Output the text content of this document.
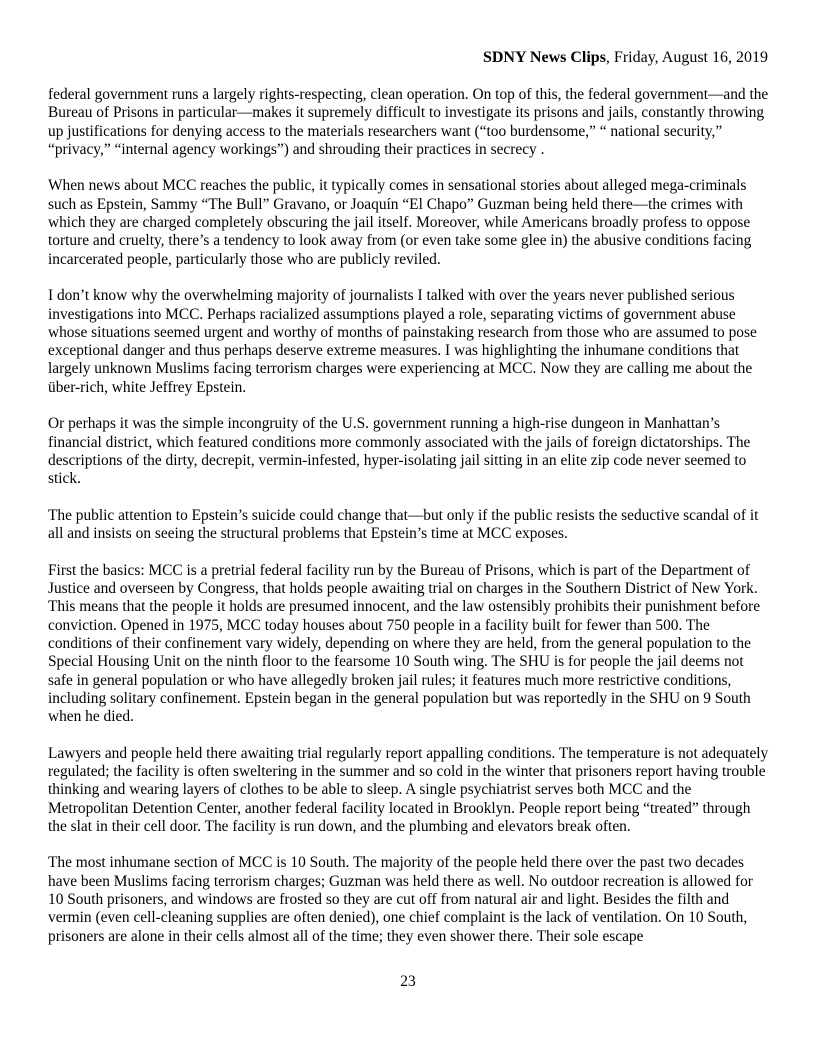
SDNY News Clips, Friday, August 16, 2019

federal government runs a largely rights-respecting, clean operation. On top of this, the federal government—and the Bureau of Prisons in particular—makes it supremely difficult to investigate its prisons and jails, constantly throwing up justifications for denying access to the materials researchers want (“too burdensome,” “ national security,” “privacy,” “internal agency workings”) and shrouding their practices in secrecy .

When news about MCC reaches the public, it typically comes in sensational stories about alleged mega-criminals such as Epstein, Sammy “The Bull” Gravano, or Joaquín “El Chapo” Guzman being held there—the crimes with which they are charged completely obscuring the jail itself. Moreover, while Americans broadly profess to oppose torture and cruelty, there’s a tendency to look away from (or even take some glee in) the abusive conditions facing incarcerated people, particularly those who are publicly reviled.

I don’t know why the overwhelming majority of journalists I talked with over the years never published serious investigations into MCC. Perhaps racialized assumptions played a role, separating victims of government abuse whose situations seemed urgent and worthy of months of painstaking research from those who are assumed to pose exceptional danger and thus perhaps deserve extreme measures. I was highlighting the inhumane conditions that largely unknown Muslims facing terrorism charges were experiencing at MCC. Now they are calling me about the über-rich, white Jeffrey Epstein.

Or perhaps it was the simple incongruity of the U.S. government running a high-rise dungeon in Manhattan’s financial district, which featured conditions more commonly associated with the jails of foreign dictatorships. The descriptions of the dirty, decrepit, vermin-infested, hyper-isolating jail sitting in an elite zip code never seemed to stick.

The public attention to Epstein’s suicide could change that—but only if the public resists the seductive scandal of it all and insists on seeing the structural problems that Epstein’s time at MCC exposes.

First the basics: MCC is a pretrial federal facility run by the Bureau of Prisons, which is part of the Department of Justice and overseen by Congress, that holds people awaiting trial on charges in the Southern District of New York. This means that the people it holds are presumed innocent, and the law ostensibly prohibits their punishment before conviction. Opened in 1975, MCC today houses about 750 people in a facility built for fewer than 500. The conditions of their confinement vary widely, depending on where they are held, from the general population to the Special Housing Unit on the ninth floor to the fearsome 10 South wing. The SHU is for people the jail deems not safe in general population or who have allegedly broken jail rules; it features much more restrictive conditions, including solitary confinement. Epstein began in the general population but was reportedly in the SHU on 9 South when he died.

Lawyers and people held there awaiting trial regularly report appalling conditions. The temperature is not adequately regulated; the facility is often sweltering in the summer and so cold in the winter that prisoners report having trouble thinking and wearing layers of clothes to be able to sleep. A single psychiatrist serves both MCC and the Metropolitan Detention Center, another federal facility located in Brooklyn. People report being “treated” through the slat in their cell door. The facility is run down, and the plumbing and elevators break often.

The most inhumane section of MCC is 10 South. The majority of the people held there over the past two decades have been Muslims facing terrorism charges; Guzman was held there as well. No outdoor recreation is allowed for 10 South prisoners, and windows are frosted so they are cut off from natural air and light. Besides the filth and vermin (even cell-cleaning supplies are often denied), one chief complaint is the lack of ventilation. On 10 South, prisoners are alone in their cells almost all of the time; they even shower there. Their sole escape

23
